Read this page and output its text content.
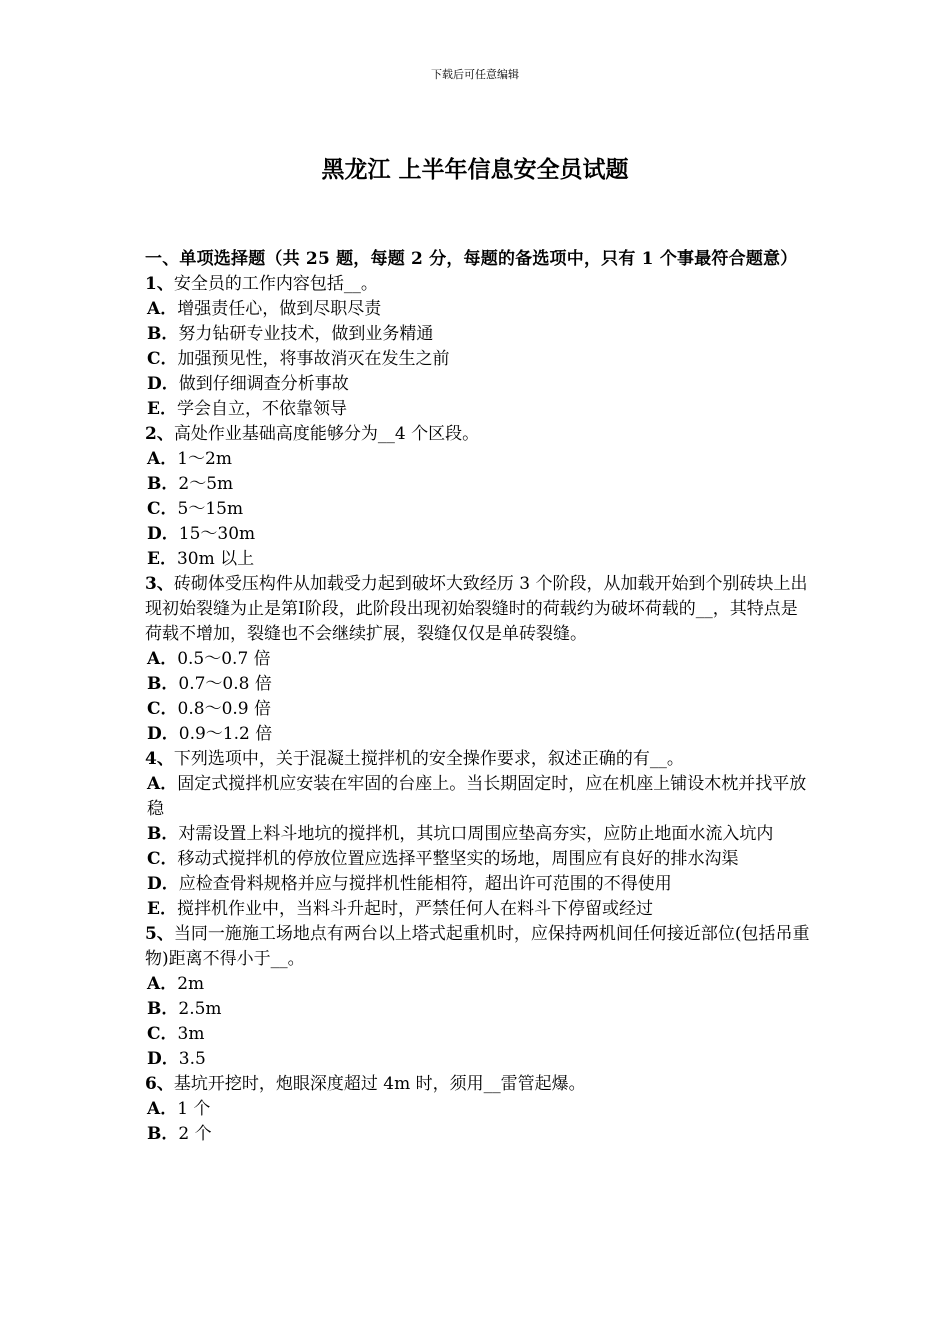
下载后可任意编辑
黑龙江 上半年信息安全员试题
一、单项选择题（共 25 题，每题 2 分，每题的备选项中，只有 1 个事最符合题意）
1、安全员的工作内容包括__。
A．增强责任心，做到尽职尽责
B．努力钻研专业技术，做到业务精通
C．加强预见性，将事故消灭在发生之前
D．做到仔细调查分析事故
E．学会自立，不依靠领导
2、高处作业基础高度能够分为__4 个区段。
A．1～2m
B．2～5m
C．5～15m
D．15～30m
E．30m 以上
3、砖砌体受压构件从加载受力起到破坏大致经历 3 个阶段，从加载开始到个别砖块上出现初始裂缝为止是第Ⅰ阶段，此阶段出现初始裂缝时的荷载约为破坏荷载的__，其特点是荷载不增加，裂缝也不会继续扩展，裂缝仅仅是单砖裂缝。
A．0.5～0.7 倍
B．0.7～0.8 倍
C．0.8～0.9 倍
D．0.9～1.2 倍
4、下列选项中，关于混凝土搅拌机的安全操作要求，叙述正确的有__。
A．固定式搅拌机应安装在牢固的台座上。当长期固定时，应在机座上铺设木枕并找平放稳
B．对需设置上料斗地坑的搅拌机，其坑口周围应垫高夯实，应防止地面水流入坑内
C．移动式搅拌机的停放位置应选择平整坚实的场地，周围应有良好的排水沟渠
D．应检查骨料规格并应与搅拌机性能相符，超出许可范围的不得使用
E．搅拌机作业中，当料斗升起时，严禁任何人在料斗下停留或经过
5、当同一施施工场地点有两台以上塔式起重机时，应保持两机间任何接近部位(包括吊重物)距离不得小于__。
A．2m
B．2.5m
C．3m
D．3.5
6、基坑开挖时，炮眼深度超过 4m 时，须用__雷管起爆。
A．1 个
B．2 个
